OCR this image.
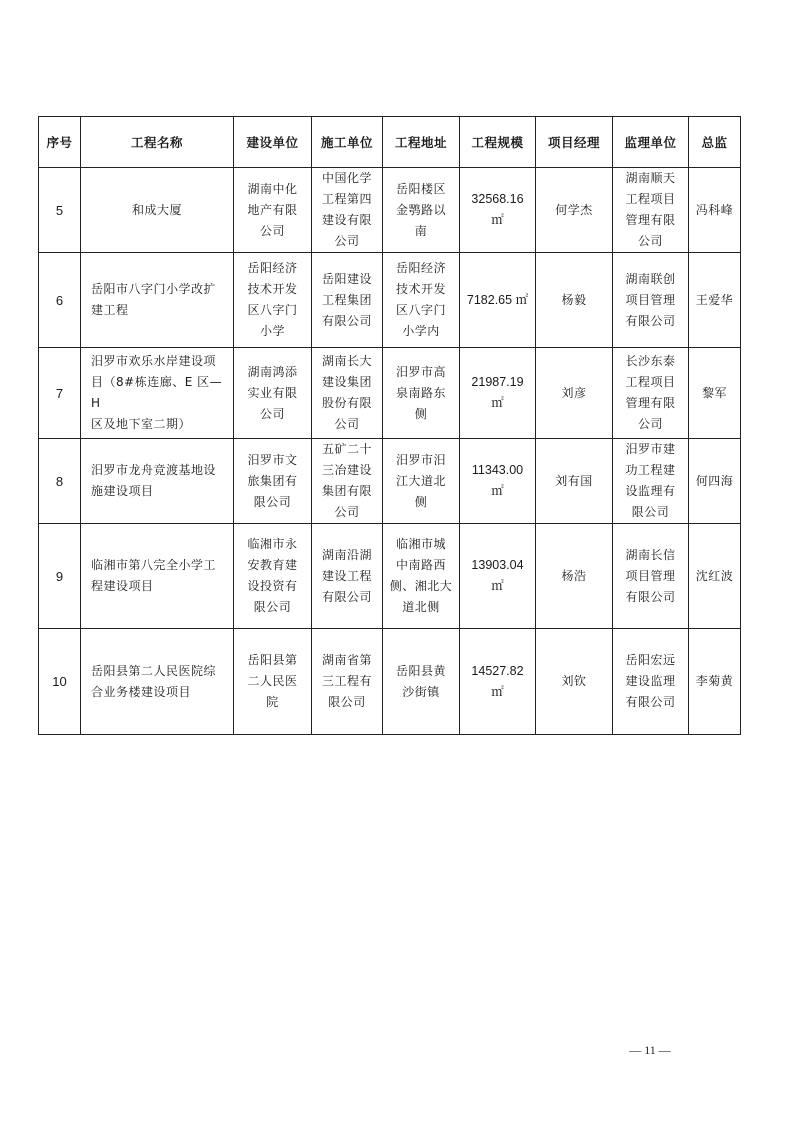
序号	工程名称	建设单位	施工单位	工程地址	工程规模	项目经理	监理单位	总监
5	和成大厦	湖南中化
地产有限
公司	中国化学
工程第四
建设有限
公司	岳阳楼区
金鹗路以
南	32568.16
㎡	何学杰	湖南顺天
工程项目
管理有限
公司	冯科峰
6	岳阳市八字门小学改扩
建工程	岳阳经济
技术开发
区八字门
小学	岳阳建设
工程集团
有限公司	岳阳经济
技术开发
区八字门
小学内	7182.65 ㎡	杨毅	湖南联创
项目管理
有限公司	王爱华
7	汨罗市欢乐水岸建设项
目（8#栋连廊、E 区—H
区及地下室二期）	湖南鸿添
实业有限
公司	湖南长大
建设集团
股份有限
公司	汨罗市高
泉南路东
侧	21987.19
㎡	刘彦	长沙东泰
工程项目
管理有限
公司	黎军
8	汨罗市龙舟竞渡基地设
施建设项目	汨罗市文
旅集团有
限公司	五矿二十
三冶建设
集团有限
公司	汨罗市汨
江大道北
侧	11343.00
㎡	刘有国	汨罗市建
功工程建
设监理有
限公司	何四海
9	临湘市第八完全小学工
程建设项目	临湘市永
安教育建
设投资有
限公司	湖南沿湖
建设工程
有限公司	临湘市城
中南路西
侧、湘北大
道北侧	13903.04
㎡	杨浩	湖南长信
项目管理
有限公司	沈红波
10	岳阳县第二人民医院综
合业务楼建设项目	岳阳县第
二人民医
院	湖南省第
三工程有
限公司	岳阳县黄
沙街镇	14527.82
㎡	刘钦	岳阳宏远
建设监理
有限公司	李菊黄
— 11 —
